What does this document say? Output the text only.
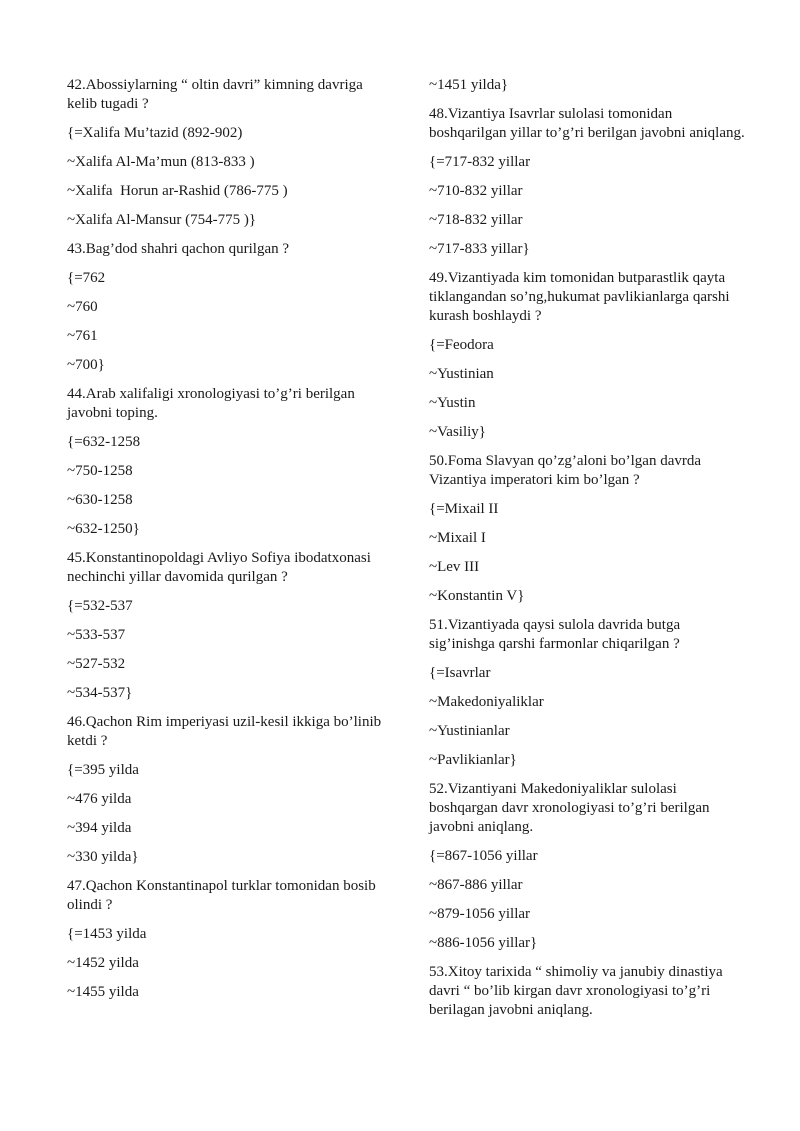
42.Abossiylarning “ oltin davri” kimning davriga kelib tugadi ?

{=Xalifa Mu’tazid (892-902)

~Xalifa Al-Ma’mun (813-833 )

~Xalifa  Horun ar-Rashid (786-775 )

~Xalifa Al-Mansur (754-775 )}

43.Bag’dod shahri qachon qurilgan ?

{=762

~760

~761

~700}

44.Arab xalifaligi xronologiyasi to’g’ri berilgan javobni toping.

{=632-1258

~750-1258

~630-1258

~632-1250}

45.Konstantinopoldagi Avliyo Sofiya ibodatxonasi nechinchi yillar davomida qurilgan ?

{=532-537

~533-537

~527-532

~534-537}

46.Qachon Rim imperiyasi uzil-kesil ikkiga bo’linib ketdi ?

{=395 yilda

~476 yilda

~394 yilda

~330 yilda}

47.Qachon Konstantinapol turklar tomonidan bosib olindi ?

{=1453 yilda

~1452 yilda

~1455 yilda

~1451 yilda}

48.Vizantiya Isavrlar sulolasi tomonidan boshqarilgan yillar to’g’ri berilgan javobni aniqlang.

{=717-832 yillar

~710-832 yillar

~718-832 yillar

~717-833 yillar}

49.Vizantiyada kim tomonidan butparastlik qayta tiklangandan so’ng,hukumat pavlikianlarga qarshi kurash boshlaydi ?

{=Feodora

~Yustinian

~Yustin

~Vasiliy}

50.Foma Slavyan qo’zg’aloni bo’lgan davrda Vizantiya imperatori kim bo’lgan ?

{=Mixail II

~Mixail I

~Lev III

~Konstantin V}

51.Vizantiyada qaysi sulola davrida butga sig’inishga qarshi farmonlar chiqarilgan ?

{=Isavrlar

~Makedoniyaliklar

~Yustinianlar

~Pavlikianlar}

52.Vizantiyani Makedoniyaliklar sulolasi boshqargan davr xronologiyasi to’g’ri berilgan javobni aniqlang.

{=867-1056 yillar

~867-886 yillar

~879-1056 yillar

~886-1056 yillar}

53.Xitoy tarixida “ shimoliy va janubiy dinastiya davri “ bo’lib kirgan davr xronologiyasi to’g’ri berilagan javobni aniqlang.
